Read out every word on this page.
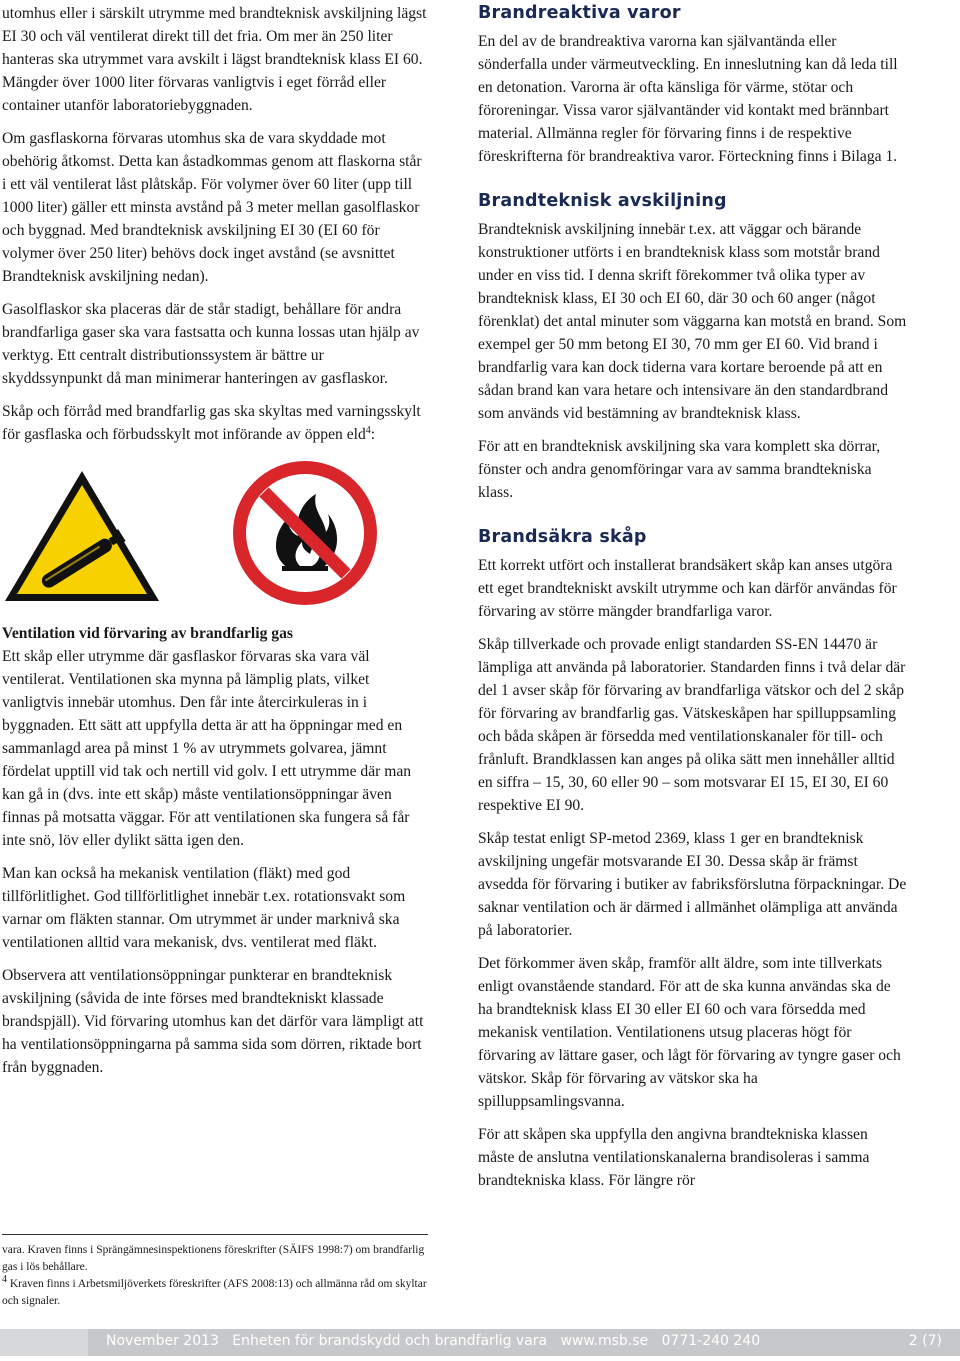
utomhus eller i särskilt utrymme med brandteknisk avskiljning lägst EI 30 och väl ventilerat direkt till det fria. Om mer än 250 liter hanteras ska utrymmet vara avskilt i lägst brandteknisk klass EI 60. Mängder över 1000 liter förvaras vanligtvis i eget förråd eller container utanför laboratoriebyggnaden.

Om gasflaskorna förvaras utomhus ska de vara skyddade mot obehörig åtkomst. Detta kan åstadkommas genom att flaskorna står i ett väl ventilerat låst plåtskåp. För volymer över 60 liter (upp till 1000 liter) gäller ett minsta avstånd på 3 meter mellan gasolflaskor och byggnad. Med brandteknisk avskiljning EI 30 (EI 60 för volymer över 250 liter) behövs dock inget avstånd (se avsnittet Brandteknisk avskiljning nedan).

Gasolflaskor ska placeras där de står stadigt, behållare för andra brandfarliga gaser ska vara fastsatta och kunna lossas utan hjälp av verktyg. Ett centralt distributionssystem är bättre ur skyddssynpunkt då man minimerar hanteringen av gasflaskor.

Skåp och förråd med brandfarlig gas ska skyltas med varningsskylt för gasflaska och förbudsskylt mot införande av öppen eld$^4$:

Ventilation vid förvaring av brandfarlig gas

Ett skåp eller utrymme där gasflaskor förvaras ska vara väl ventilerat. Ventilationen ska mynna på lämplig plats, vilket vanligtvis innebär utomhus. Den får inte återcirkuleras in i byggnaden. Ett sätt att uppfylla detta är att ha öppningar med en sammanlagd area på minst 1 % av utrymmets golvarea, jämnt fördelat upptill vid tak och nertill vid golv. I ett utrymme där man kan gå in (dvs. inte ett skåp) måste ventilationsöppningar även finnas på motsatta väggar. För att ventilationen ska fungera så får inte snö, löv eller dylikt sätta igen den.

Man kan också ha mekanisk ventilation (fläkt) med god tillförlitlighet. God tillförlitlighet innebär t.ex. rotationsvakt som varnar om fläkten stannar. Om utrymmet är under marknivå ska ventilationen alltid vara mekanisk, dvs. ventilerat med fläkt.

Observera att ventilationsöppningar punkterar en brandteknisk avskiljning (såvida de inte förses med brandtekniskt klassade brandspjäll). Vid förvaring utomhus kan det därför vara lämpligt att ha ventilationsöppningarna på samma sida som dörren, riktade bort från byggnaden.

vara. Kraven finns i Sprängämnesinspektionens föreskrifter (SÄIFS 1998:7) om brandfarlig gas i lös behållare.
$^4$ Kraven finns i Arbetsmiljöverkets föreskrifter (AFS 2008:13) och allmänna råd om skyltar och signaler.
Brandreaktiva varor

En del av de brandreaktiva varorna kan självantända eller sönderfalla under värmeutveckling. En inneslutning kan då leda till en detonation. Varorna är ofta känsliga för värme, stötar och föroreningar. Vissa varor självantänder vid kontakt med brännbart material. Allmänna regler för förvaring finns i de respektive föreskrifterna för brandreaktiva varor. Förteckning finns i Bilaga 1.

Brandteknisk avskiljning

Brandteknisk avskiljning innebär t.ex. att väggar och bärande konstruktioner utförts i en brandteknisk klass som motstår brand under en viss tid. I denna skrift förekommer två olika typer av brandteknisk klass, EI 30 och EI 60, där 30 och 60 anger (något förenklat) det antal minuter som väggarna kan motstå en brand. Som exempel ger 50 mm betong EI 30, 70 mm ger EI 60. Vid brand i brandfarlig vara kan dock tiderna vara kortare beroende på att en sådan brand kan vara hetare och intensivare än den standardbrand som används vid bestämning av brandteknisk klass.

För att en brandteknisk avskiljning ska vara komplett ska dörrar, fönster och andra genomföringar vara av samma brandtekniska klass.

Brandsäkra skåp

Ett korrekt utfört och installerat brandsäkert skåp kan anses utgöra ett eget brandtekniskt avskilt utrymme och kan därför användas för förvaring av större mängder brandfarliga varor.

Skåp tillverkade och provade enligt standarden SS-EN 14470 är lämpliga att använda på laboratorier. Standarden finns i två delar där del 1 avser skåp för förvaring av brandfarliga vätskor och del 2 skåp för förvaring av brandfarlig gas. Vätskeskåpen har spilluppsamling och båda skåpen är försedda med ventilationskanaler för till- och frånluft. Brandklassen kan anges på olika sätt men innehåller alltid en siffra – 15, 30, 60 eller 90 – som motsvarar EI 15, EI 30, EI 60 respektive EI 90.

Skåp testat enligt SP-metod 2369, klass 1 ger en brandteknisk avskiljning ungefär motsvarande EI 30. Dessa skåp är främst avsedda för förvaring i butiker av fabriksförslutna förpackningar. De saknar ventilation och är därmed i allmänhet olämpliga att använda på laboratorier.

Det förkommer även skåp, framför allt äldre, som inte tillverkats enligt ovanstående standard. För att de ska kunna användas ska de ha brandteknisk klass EI 30 eller EI 60 och vara försedda med mekanisk ventilation. Ventilationens utsug placeras högt för förvaring av lättare gaser, och lågt för förvaring av tyngre gaser och vätskor. Skåp för förvaring av vätskor ska ha spilluppsamlingsvanna.

För att skåpen ska uppfylla den angivna brandtekniska klassen måste de anslutna ventilationskanalerna brandisoleras i samma brandtekniska klass. För längre rör

November 2013   Enheten för brandskydd och brandfarlig vara   www.msb.se   0771-240 240	2 (7)
